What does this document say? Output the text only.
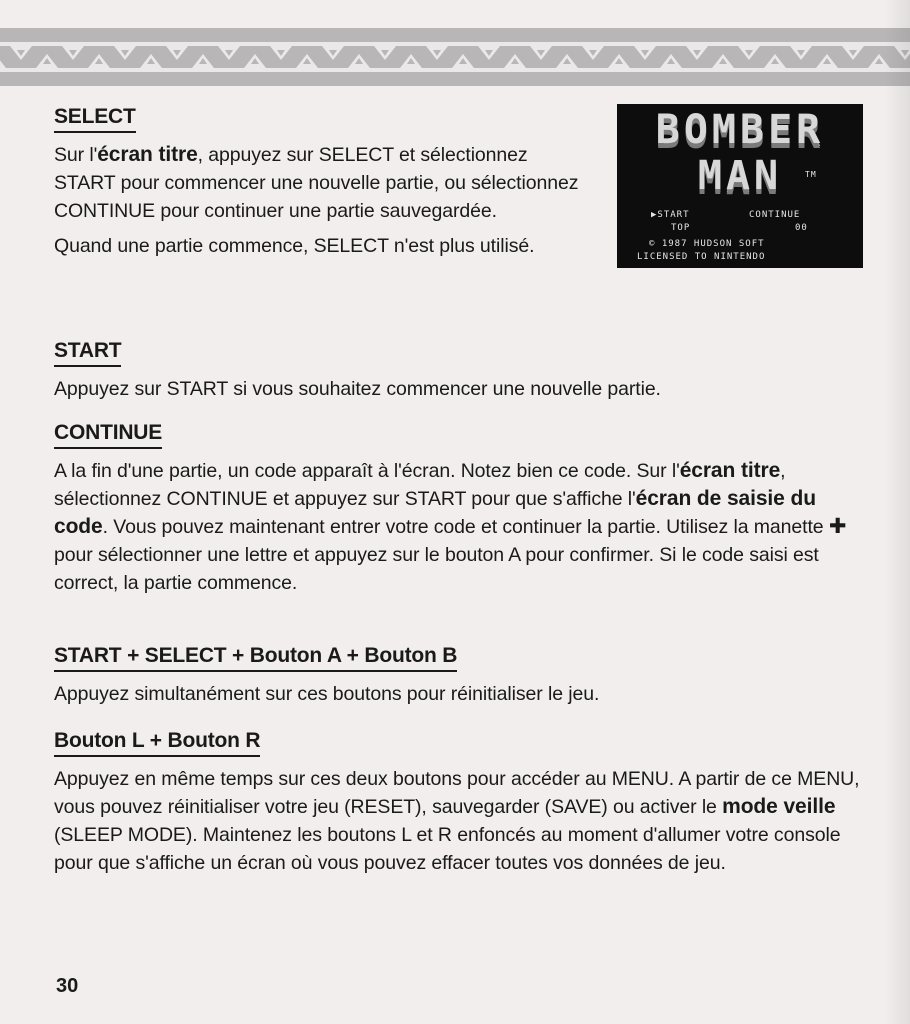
BOMBER
MAN	TM
▶START	CONTINUE
TOP	00
© 1987 HUDSON SOFT
LICENSED TO NINTENDO
SELECT

Sur l'écran titre, appuyez sur SELECT et sélectionnez START pour commencer une nouvelle partie, ou sélectionnez CONTINUE pour continuer une partie sauvegardée.

Quand une partie commence, SELECT n'est plus utilisé.

START

Appuyez sur START si vous souhaitez commencer une nouvelle partie.

CONTINUE

A la fin d'une partie, un code apparaît à l'écran. Notez bien ce code. Sur l'écran titre, sélectionnez CONTINUE et appuyez sur START pour que s'affiche l'écran de saisie du code. Vous pouvez maintenant entrer votre code et continuer la partie. Utilisez la manette ✚ pour sélectionner une lettre et appuyez sur le bouton A pour confirmer. Si le code saisi est correct, la partie commence.

START + SELECT + Bouton A + Bouton B

Appuyez simultanément sur ces boutons pour réinitialiser le jeu.

Bouton L + Bouton R

Appuyez en même temps sur ces deux boutons pour accéder au MENU. A partir de ce MENU, vous pouvez réinitialiser votre jeu (RESET), sauvegarder (SAVE) ou activer le mode veille (SLEEP MODE). Maintenez les boutons L et R enfoncés au moment d'allumer votre console pour que s'affiche un écran où vous pouvez effacer toutes vos données de jeu.

30
